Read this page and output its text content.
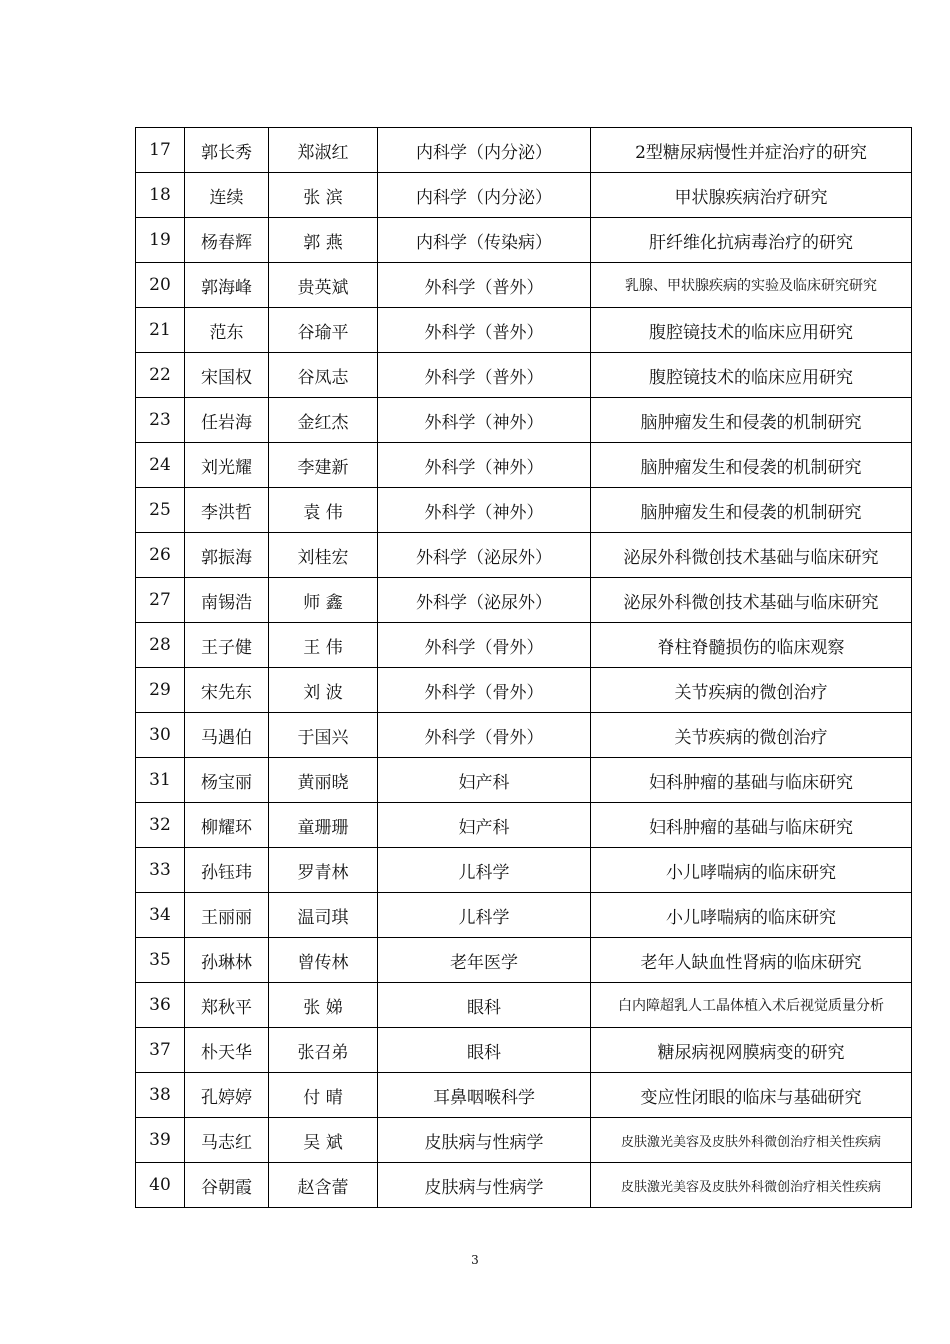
17	郭长秀	郑淑红	内科学（内分泌）	2型糖尿病慢性并症治疗的研究
18	连续	张 滨	内科学（内分泌）	甲状腺疾病治疗研究
19	杨春辉	郭 燕	内科学（传染病）	肝纤维化抗病毒治疗的研究
20	郭海峰	贵英斌	外科学（普外）	乳腺、甲状腺疾病的实验及临床研究研究
21	范东	谷瑜平	外科学（普外）	腹腔镜技术的临床应用研究
22	宋国权	谷凤志	外科学（普外）	腹腔镜技术的临床应用研究
23	任岩海	金红杰	外科学（神外）	脑肿瘤发生和侵袭的机制研究
24	刘光耀	李建新	外科学（神外）	脑肿瘤发生和侵袭的机制研究
25	李洪哲	袁 伟	外科学（神外）	脑肿瘤发生和侵袭的机制研究
26	郭振海	刘桂宏	外科学（泌尿外）	泌尿外科微创技术基础与临床研究
27	南锡浩	师 鑫	外科学（泌尿外）	泌尿外科微创技术基础与临床研究
28	王子健	王 伟	外科学（骨外）	脊柱脊髓损伤的临床观察
29	宋先东	刘 波	外科学（骨外）	关节疾病的微创治疗
30	马遇伯	于国兴	外科学（骨外）	关节疾病的微创治疗
31	杨宝丽	黄丽晓	妇产科	妇科肿瘤的基础与临床研究
32	柳耀环	童珊珊	妇产科	妇科肿瘤的基础与临床研究
33	孙钰玮	罗青林	儿科学	小儿哮喘病的临床研究
34	王丽丽	温司琪	儿科学	小儿哮喘病的临床研究
35	孙琳林	曾传林	老年医学	老年人缺血性肾病的临床研究
36	郑秋平	张 娣	眼科	白内障超乳人工晶体植入术后视觉质量分析
37	朴天华	张召弟	眼科	糖尿病视网膜病变的研究
38	孔婷婷	付 晴	耳鼻咽喉科学	变应性闭眼的临床与基础研究
39	马志红	吴 斌	皮肤病与性病学	皮肤激光美容及皮肤外科微创治疗相关性疾病
40	谷朝霞	赵含蕾	皮肤病与性病学	皮肤激光美容及皮肤外科微创治疗相关性疾病
3
